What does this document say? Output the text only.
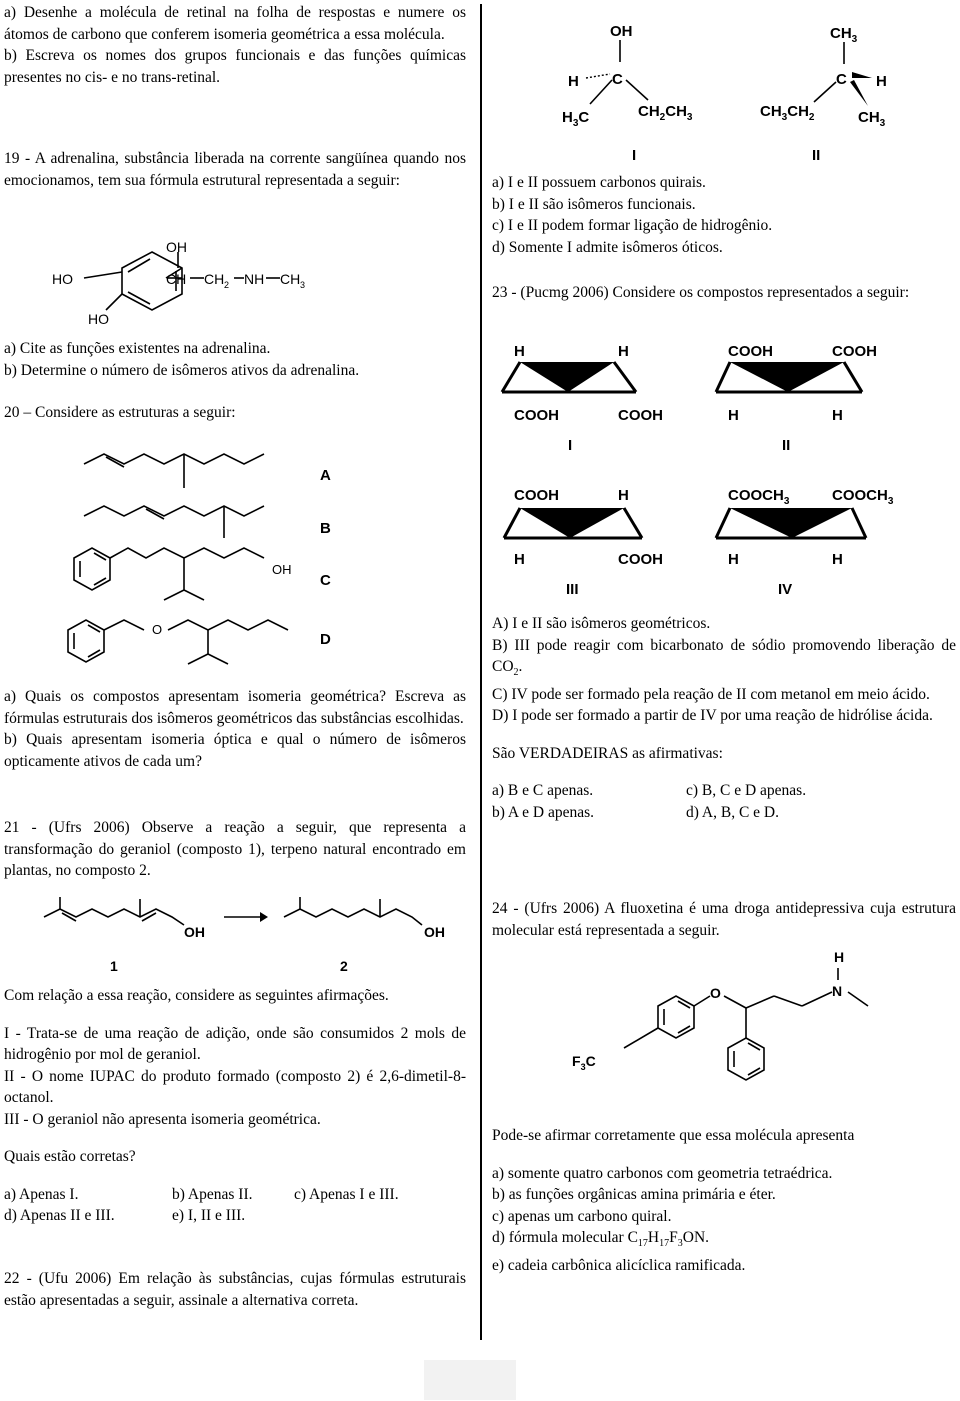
a) Desenhe a molécula de retinal na folha de respostas e numere os átomos de carbono que conferem isomeria geométrica a essa molécula.

b) Escreva os nomes dos grupos funcionais e das funções químicas presentes no cis- e no trans-retinal.

19 - A adrenalina, substância liberada na corrente sangüínea quando nos emocionamos, tem sua fórmula estrutural representada a seguir:

OH
HO
HO
CH CH 2 NH CH 3

a) Cite as funções existentes na adrenalina.

b) Determine o número de isômeros ativos da adrenalina.

20 – Considere as estruturas a seguir:

OH
O
A
B
C
D

a) Quais os compostos apresentam isomeria geométrica? Escreva as fórmulas estruturais dos isômeros geométricos das substâncias escolhidas.

b) Quais apresentam isomeria óptica e qual o número de isômeros opticamente ativos de cada um?

21 - (Ufrs 2006) Observe a reação a seguir, que representa a transformação do geraniol (composto 1), terpeno natural encontrado em plantas, no composto 2.

OH	OH
1	2

Com relação a essa reação, considere as seguintes afirmações.

I - Trata-se de uma reação de adição, onde são consumidos 2 mols de hidrogênio por mol de geraniol.

II - O nome IUPAC do produto formado (composto 2) é 2,6-dimetil-8-octanol.

III - O geraniol não apresenta isomeria geométrica.

Quais estão corretas?

a) Apenas I.	b) Apenas II.	c) Apenas I e III.
d) Apenas II e III.	e) I, II e III.

22 - (Ufu 2006) Em relação às substâncias, cujas fórmulas estruturais estão apresentadas a seguir, assinale a alternativa correta.

OH
H C
$H_3C$	$CH_2CH_3$
$CH_3$
C H
$CH_3CH_2$	$CH_3$
I	II

a) I e II possuem carbonos quirais.

b) I e II são isômeros funcionais.

c) I e II podem formar ligação de hidrogênio.

d) Somente I admite isômeros óticos.

23 - (Pucmg 2006) Considere os compostos representados a seguir:

H	H
COOH	COOH
COOH	COOH
H	H
I	II
COOH	H
H	COOH
$COOCH_3$	$COOCH_3$
H	H
III	IV

A) I e II são isômeros geométricos.

B) III pode reagir com bicarbonato de sódio promovendo liberação de $CO_2$.

C) IV pode ser formado pela reação de II com metanol em meio ácido.

D) I pode ser formado a partir de IV por uma reação de hidrólise ácida.

São VERDADEIRAS as afirmativas:

a) B e C apenas.	c) B, C e D apenas.
b) A e D apenas.	d) A, B, C e D.

24 - (Ufrs 2006) A fluoxetina é uma droga antidepressiva cuja estrutura molecular está representada a seguir.

H
N
O
$F_3C$

Pode-se afirmar corretamente que essa molécula apresenta

a) somente quatro carbonos com geometria tetraédrica.

b) as funções orgânicas amina primária e éter.

c) apenas um carbono quiral.

d) fórmula molecular $C_{17}H_{17}F_3ON$.

e) cadeia carbônica alicíclica ramificada.
